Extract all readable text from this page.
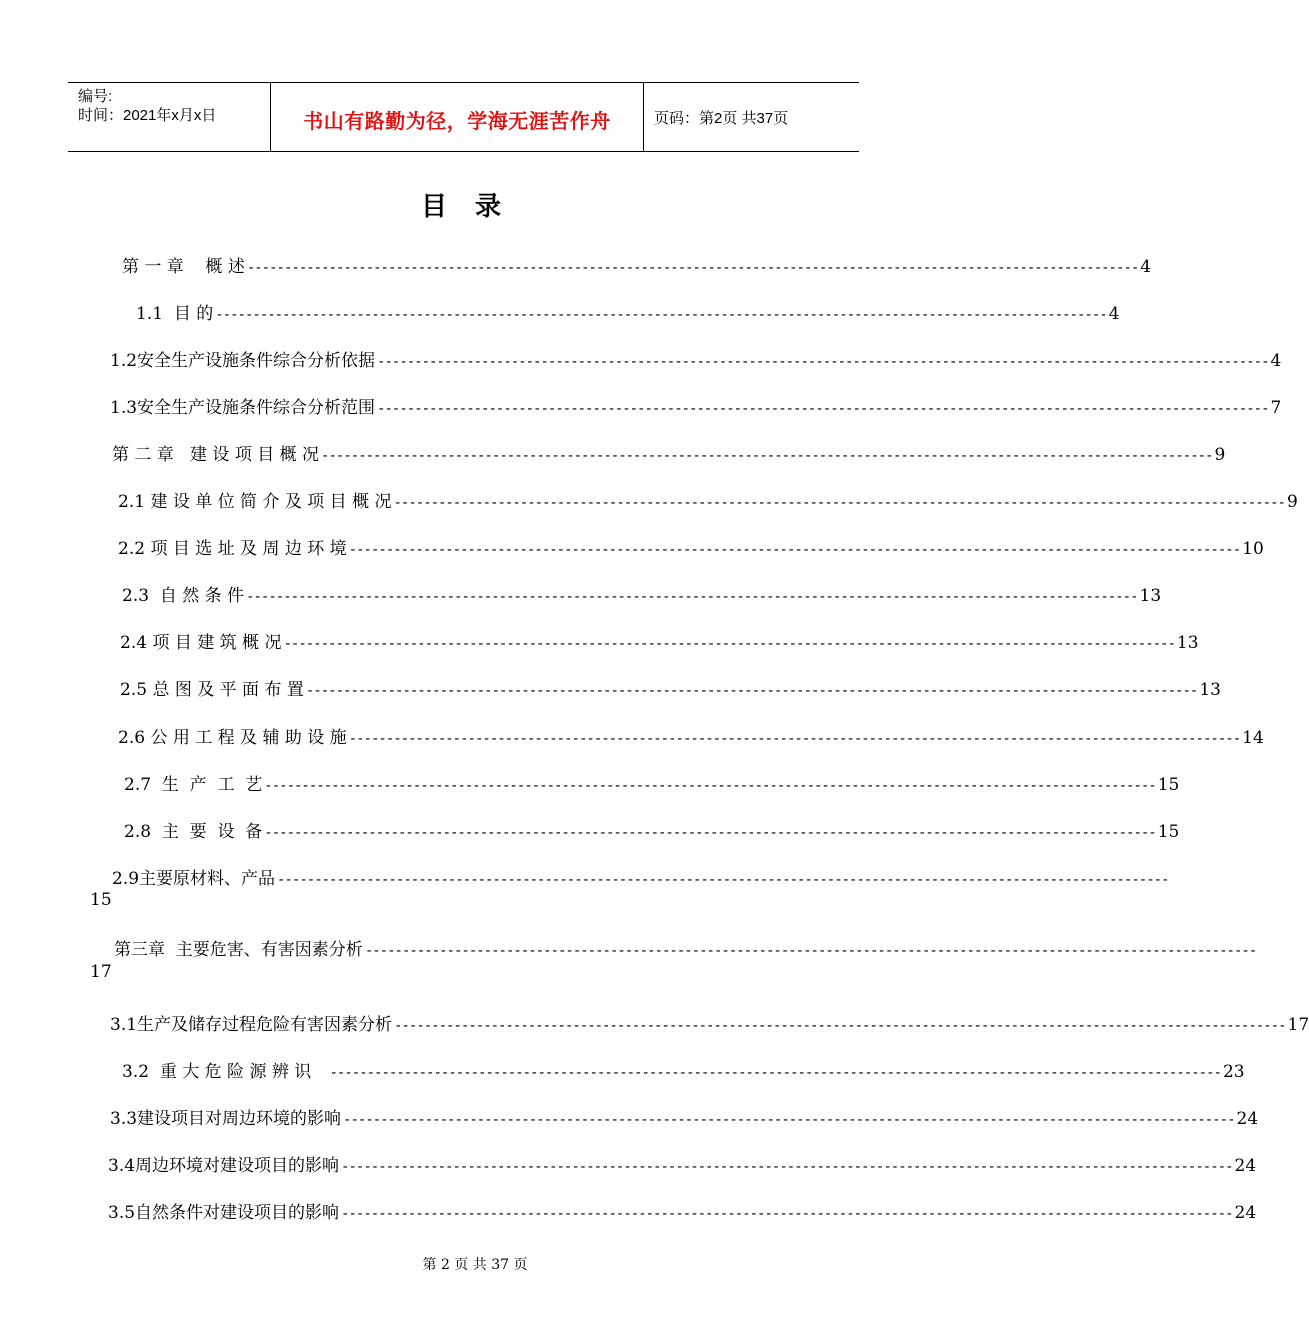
编号:
时间：2021年x月x日	书山有路勤为径，学海无涯苦作舟	页码：第2页 共37页
目录
第 一 章    概 述 ------------------------------------------------------------------------------------------------------------------------ 4
1.1  目 的 ------------------------------------------------------------------------------------------------------------------------ 4
1.2安全生产设施条件综合分析依据 ------------------------------------------------------------------------------------------------------------------------ 4
1.3安全生产设施条件综合分析范围 ------------------------------------------------------------------------------------------------------------------------ 7
第 二 章   建 设 项 目 概 况 ------------------------------------------------------------------------------------------------------------------------ 9
2.1 建 设 单 位 简 介 及 项 目 概 况 ------------------------------------------------------------------------------------------------------------------------ 9
2.2 项 目 选 址 及 周 边 环 境 ------------------------------------------------------------------------------------------------------------------------ 10
2.3  自 然 条 件 ------------------------------------------------------------------------------------------------------------------------ 13
2.4 项 目 建 筑 概 况 ------------------------------------------------------------------------------------------------------------------------ 13
2.5 总 图 及 平 面 布 置 ------------------------------------------------------------------------------------------------------------------------ 13
2.6 公 用 工 程 及 辅 助 设 施 ------------------------------------------------------------------------------------------------------------------------ 14
2.7  生  产  工  艺 ------------------------------------------------------------------------------------------------------------------------ 15
2.8  主  要  设  备 ------------------------------------------------------------------------------------------------------------------------ 15
2.9主要原材料、产品 ------------------------------------------------------------------------------------------------------------------------
15
第三章  主要危害、有害因素分析 ------------------------------------------------------------------------------------------------------------------------
17
3.1生产及储存过程危险有害因素分析 ------------------------------------------------------------------------------------------------------------------------ 17
3.2  重 大 危 险 源 辨 识 ------------------------------------------------------------------------------------------------------------------------ 23
3.3建设项目对周边环境的影响 ------------------------------------------------------------------------------------------------------------------------ 24
3.4周边环境对建设项目的影响 ------------------------------------------------------------------------------------------------------------------------ 24
3.5自然条件对建设项目的影响 ------------------------------------------------------------------------------------------------------------------------ 24
第 2 页 共 37 页
